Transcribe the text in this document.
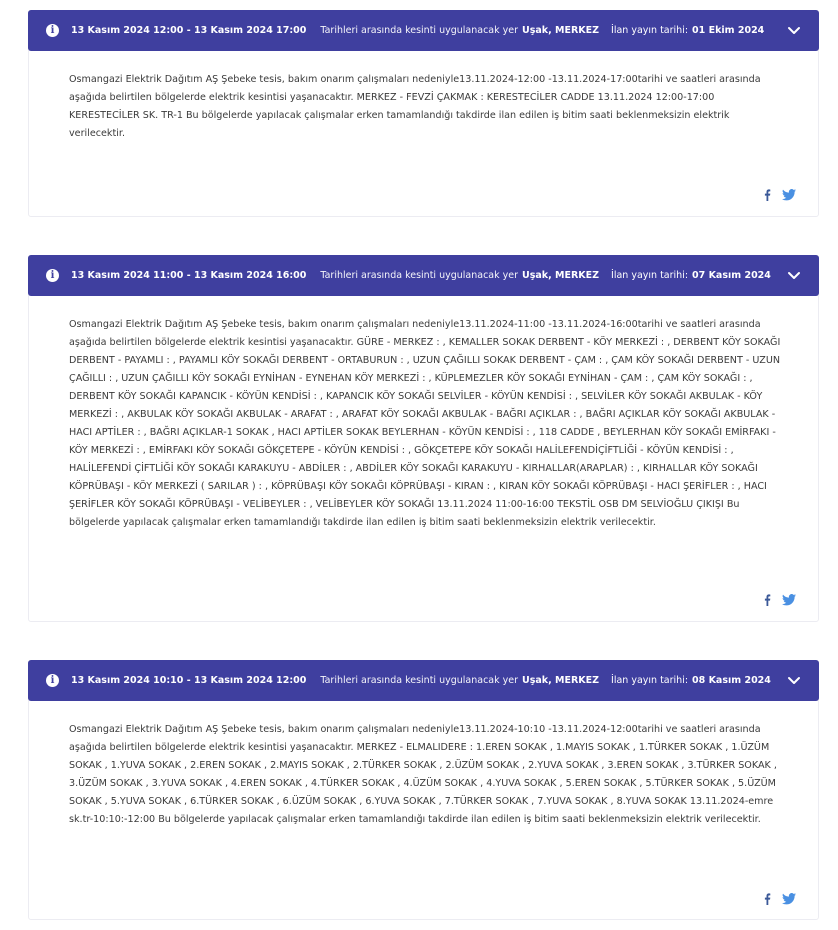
i	13 Kasım 2024 12:00 - 13 Kasım 2024 17:00 Tarihleri arasında kesinti uygulanacak yer Uşak, MERKEZ İlan yayın tarihi: 01 Ekim 2024
Osmangazi Elektrik Dağıtım AŞ Şebeke tesis, bakım onarım çalışmaları nedeniyle13.11.2024-12:00 -13.11.2024-17:00tarihi ve saatleri arasında aşağıda belirtilen bölgelerde elektrik kesintisi yaşanacaktır. MERKEZ - FEVZİ ÇAKMAK : KERESTECİLER CADDE 13.11.2024 12:00-17:00 KERESTECİLER SK. TR-1 Bu bölgelerde yapılacak çalışmalar erken tamamlandığı takdirde ilan edilen iş bitim saati beklenmeksizin elektrik verilecektir.
i	13 Kasım 2024 11:00 - 13 Kasım 2024 16:00 Tarihleri arasında kesinti uygulanacak yer Uşak, MERKEZ İlan yayın tarihi: 07 Kasım 2024
Osmangazi Elektrik Dağıtım AŞ Şebeke tesis, bakım onarım çalışmaları nedeniyle13.11.2024-11:00 -13.11.2024-16:00tarihi ve saatleri arasında aşağıda belirtilen bölgelerde elektrik kesintisi yaşanacaktır. GÜRE - MERKEZ : , KEMALLER SOKAK DERBENT - KÖY MERKEZİ : , DERBENT KÖY SOKAĞI DERBENT - PAYAMLI : , PAYAMLI KÖY SOKAĞI DERBENT - ORTABURUN : , UZUN ÇAĞILLI SOKAK DERBENT - ÇAM : , ÇAM KÖY SOKAĞI DERBENT - UZUN ÇAĞILLI : , UZUN ÇAĞILLI KÖY SOKAĞI EYNİHAN - EYNEHAN KÖY MERKEZİ : , KÜPLEMEZLER KÖY SOKAĞI EYNİHAN - ÇAM : , ÇAM KÖY SOKAĞI : , DERBENT KÖY SOKAĞI KAPANCIK - KÖYÜN KENDİSİ : , KAPANCIK KÖY SOKAĞI SELVİLER - KÖYÜN KENDİSİ : , SELVİLER KÖY SOKAĞI AKBULAK - KÖY MERKEZİ : , AKBULAK KÖY SOKAĞI AKBULAK - ARAFAT : , ARAFAT KÖY SOKAĞI AKBULAK - BAĞRI AÇIKLAR : , BAĞRI AÇIKLAR KÖY SOKAĞI AKBULAK - HACI APTİLER : , BAĞRI AÇIKLAR-1 SOKAK , HACI APTİLER SOKAK BEYLERHAN - KÖYÜN KENDİSİ : , 118 CADDE , BEYLERHAN KÖY SOKAĞI EMİRFAKI - KÖY MERKEZİ : , EMİRFAKI KÖY SOKAĞI GÖKÇETEPE - KÖYÜN KENDİSİ : , GÖKÇETEPE KÖY SOKAĞI HALİLEFENDİÇİFTLİĞİ - KÖYÜN KENDİSİ : , HALİLEFENDİ ÇİFTLİĞİ KÖY SOKAĞI KARAKUYU - ABDİLER : , ABDİLER KÖY SOKAĞI KARAKUYU - KIRHALLAR(ARAPLAR) : , KIRHALLAR KÖY SOKAĞI KÖPRÜBAŞI - KÖY MERKEZİ ( SARILAR ) : , KÖPRÜBAŞI KÖY SOKAĞI KÖPRÜBAŞI - KIRAN : , KIRAN KÖY SOKAĞI KÖPRÜBAŞI - HACI ŞERİFLER : , HACI ŞERİFLER KÖY SOKAĞI KÖPRÜBAŞI - VELİBEYLER : , VELİBEYLER KÖY SOKAĞI 13.11.2024 11:00-16:00 TEKSTİL OSB DM SELVİOĞLU ÇIKIŞI Bu bölgelerde yapılacak çalışmalar erken tamamlandığı takdirde ilan edilen iş bitim saati beklenmeksizin elektrik verilecektir.
i	13 Kasım 2024 10:10 - 13 Kasım 2024 12:00 Tarihleri arasında kesinti uygulanacak yer Uşak, MERKEZ İlan yayın tarihi: 08 Kasım 2024
Osmangazi Elektrik Dağıtım AŞ Şebeke tesis, bakım onarım çalışmaları nedeniyle13.11.2024-10:10 -13.11.2024-12:00tarihi ve saatleri arasında aşağıda belirtilen bölgelerde elektrik kesintisi yaşanacaktır. MERKEZ - ELMALIDERE : 1.EREN SOKAK , 1.MAYIS SOKAK , 1.TÜRKER SOKAK , 1.ÜZÜM SOKAK , 1.YUVA SOKAK , 2.EREN SOKAK , 2.MAYIS SOKAK , 2.TÜRKER SOKAK , 2.ÜZÜM SOKAK , 2.YUVA SOKAK , 3.EREN SOKAK , 3.TÜRKER SOKAK , 3.ÜZÜM SOKAK , 3.YUVA SOKAK , 4.EREN SOKAK , 4.TÜRKER SOKAK , 4.ÜZÜM SOKAK , 4.YUVA SOKAK , 5.EREN SOKAK , 5.TÜRKER SOKAK , 5.ÜZÜM SOKAK , 5.YUVA SOKAK , 6.TÜRKER SOKAK , 6.ÜZÜM SOKAK , 6.YUVA SOKAK , 7.TÜRKER SOKAK , 7.YUVA SOKAK , 8.YUVA SOKAK 13.11.2024-emre sk.tr-10:10:-12:00 Bu bölgelerde yapılacak çalışmalar erken tamamlandığı takdirde ilan edilen iş bitim saati beklenmeksizin elektrik verilecektir.
